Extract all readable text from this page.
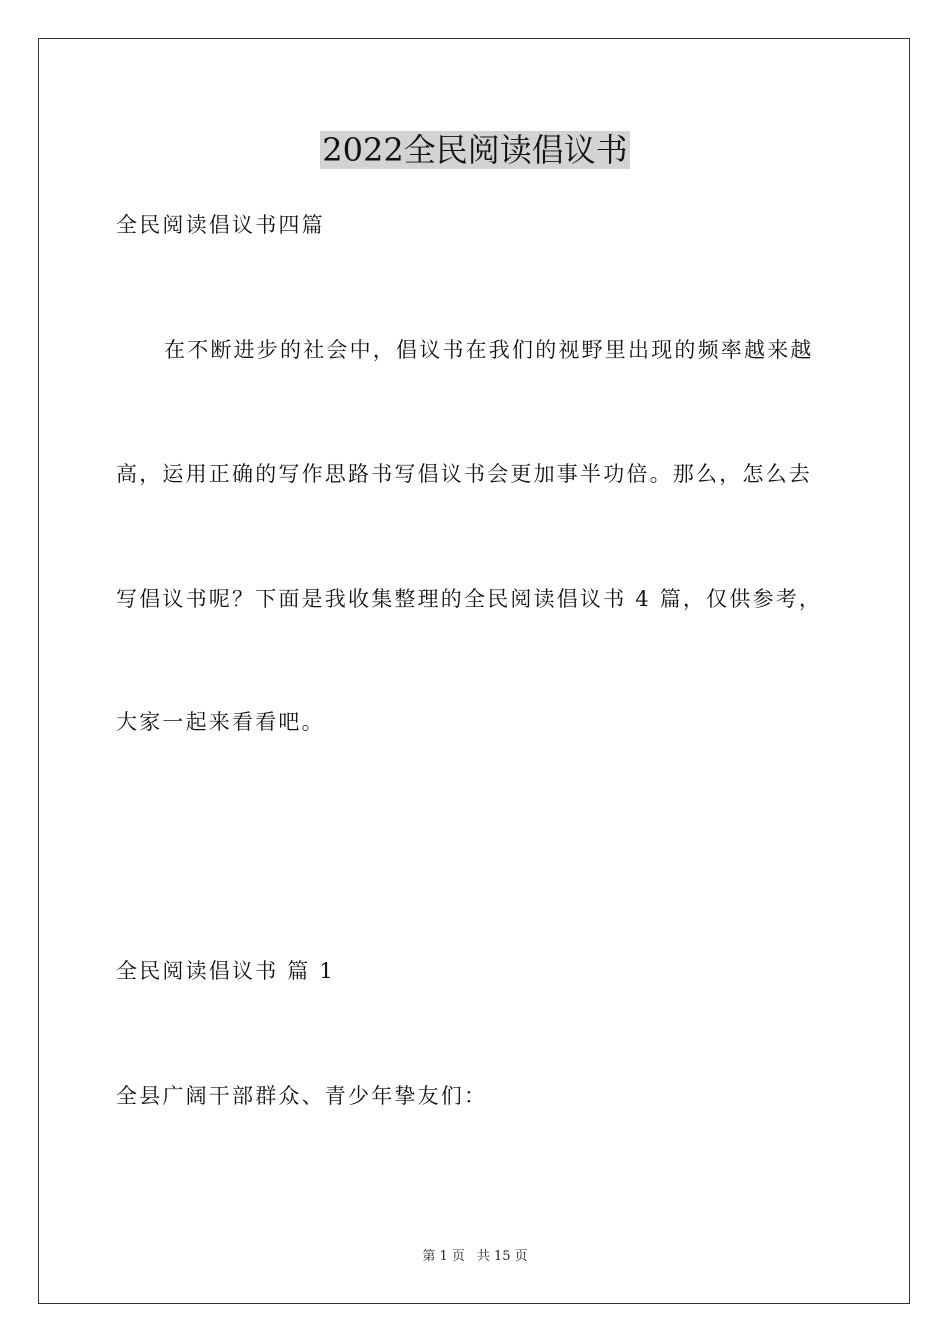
2022全民阅读倡议书
全民阅读倡议书四篇
在不断进步的社会中，倡议书在我们的视野里出现的频率越来越
高，运用正确的写作思路书写倡议书会更加事半功倍。那么，怎么去
写倡议书呢？下面是我收集整理的全民阅读倡议书 4 篇，仅供参考，
大家一起来看看吧。
全民阅读倡议书 篇 1
全县广阔干部群众、青少年挚友们：
第 1 页 共 15 页
